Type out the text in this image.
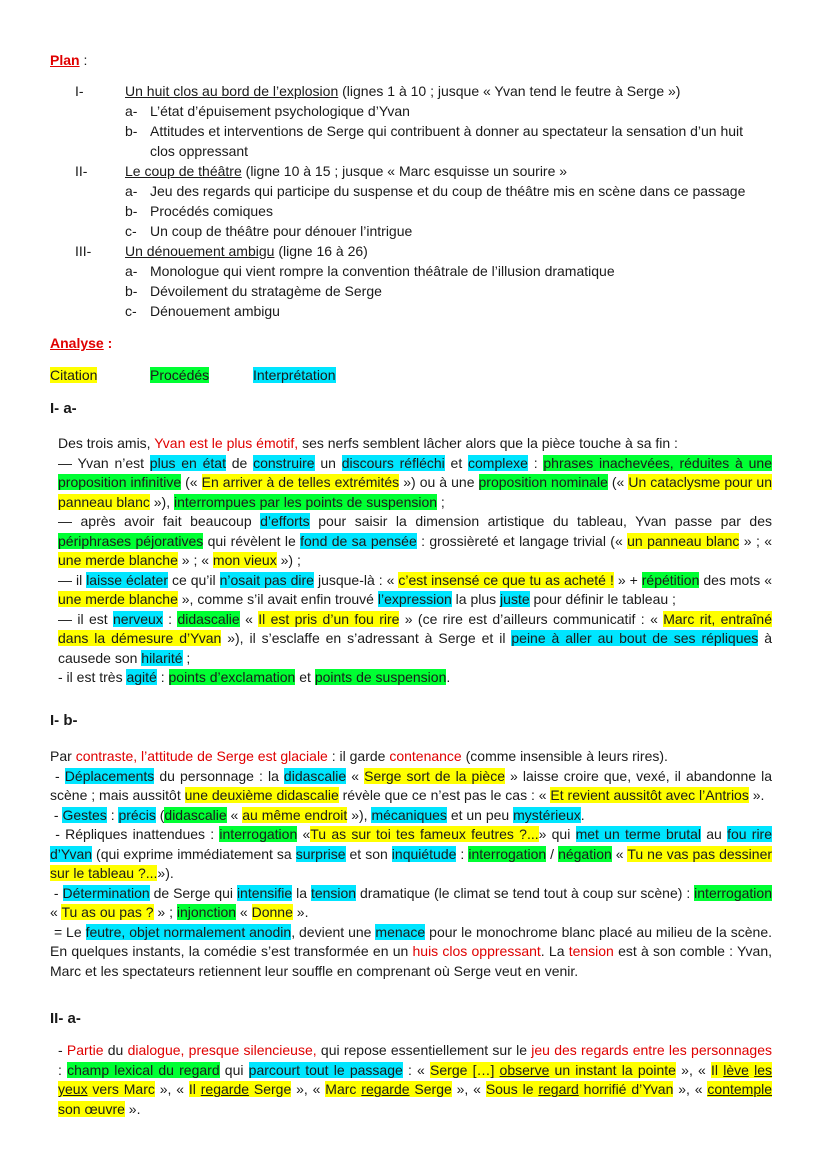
Plan :
I-	Un huit clos au bord de l’explosion (lignes 1 à 10 ; jusque « Yvan tend le feutre à Serge »)
a- L’état d’épuisement psychologique d’Yvan
b- Attitudes et interventions de Serge qui contribuent à donner au spectateur la sensation d’un huit
clos oppressant
II-	Le coup de théâtre (ligne 10 à 15 ; jusque « Marc esquisse un sourire »
a- Jeu des regards qui participe du suspense et du coup de théâtre mis en scène dans ce passage
b- Procédés comiques
c- Un coup de théâtre pour dénouer l’intrigue
III- Un dénouement ambigu (ligne 16 à 26)
a- Monologue qui vient rompre la convention théâtrale de l’illusion dramatique
b- Dévoilement du stratagème de Serge
c- Dénouement ambigu
Analyse :
Citation	Procédés	Interprétation
I- a-

Des trois amis, Yvan est le plus émotif, ses nerfs semblent lâcher alors que la pièce touche à sa fin :

— Yvan n’est plus en état de construire un discours réfléchi et complexe : phrases inachevées, réduites à une proposition infinitive (« En arriver à de telles extrémités ») ou à une proposition nominale (« Un cataclysme pour un panneau blanc »), interrompues par les points de suspension ;

— après avoir fait beaucoup d’efforts pour saisir la dimension artistique du tableau, Yvan passe par des périphrases péjoratives qui révèlent le fond de sa pensée : grossièreté et langage trivial (« un panneau blanc » ; « une merde blanche » ; « mon vieux ») ;

— il laisse éclater ce qu’il n’osait pas dire jusque-là : « c’est insensé ce que tu as acheté ! » + répétition des mots « une merde blanche », comme s’il avait enfin trouvé l’expression la plus juste pour définir le tableau ;

— il est nerveux : didascalie « Il est pris d’un fou rire » (ce rire est d’ailleurs communicatif : « Marc rit, entraîné dans la démesure d’Yvan »), il s’esclaffe en s’adressant à Serge et il peine à aller au bout de ses répliques à causede son hilarité ;

- il est très agité : points d’exclamation et points de suspension.

I- b-

Par contraste, l’attitude de Serge est glaciale : il garde contenance (comme insensible à leurs rires).

- Déplacements du personnage : la didascalie « Serge sort de la pièce » laisse croire que, vexé, il abandonne la scène ; mais aussitôt une deuxième didascalie révèle que ce n’est pas le cas : « Et revient aussitôt avec l’Antrios ».

- Gestes : précis (didascalie « au même endroit »), mécaniques et un peu mystérieux.

- Répliques inattendues : interrogation «Tu as sur toi tes fameux feutres ?...» qui met un terme brutal au fou rire d’Yvan (qui exprime immédiatement sa surprise et son inquiétude : interrogation / négation « Tu ne vas pas dessiner sur le tableau ?...»).

- Détermination de Serge qui intensifie la tension dramatique (le climat se tend tout à coup sur scène) : interrogation « Tu as ou pas ? » ; injonction « Donne ».

= Le feutre, objet normalement anodin, devient une menace pour le monochrome blanc placé au milieu de la scène. En quelques instants, la comédie s’est transformée en un huis clos oppressant. La tension est à son comble : Yvan, Marc et les spectateurs retiennent leur souffle en comprenant où Serge veut en venir.

II- a-

- Partie du dialogue, presque silencieuse, qui repose essentiellement sur le jeu des regards entre les personnages : champ lexical du regard qui parcourt tout le passage : « Serge […] observe un instant la pointe », « Il lève les yeux vers Marc », « Il regarde Serge », « Marc regarde Serge », « Sous le regard horrifié d’Yvan », « contemple son œuvre ».
